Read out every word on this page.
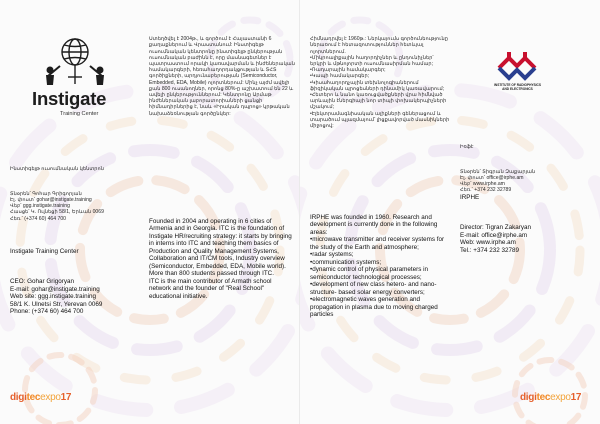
Instigate
Training Center

Ինստիգեյթ ուսումնական կենտրոն

Տնօրեն՝ Գոհար Գրիգորյան
Էլ. փոստ՝ gohar@instigate.training
Վեբ՝ ggg.instigate.training
Հասցե՝ Կ. Ուլնեցի 58/1, Երևան 0069
Հեռ.՝ (+374 60) 464 700

Ստեղծվել է 2004թ., և գործում է Հայաստանի 6 քաղաքներում և Վրաստանում: Ինստիգեյթ ուսումնական կենտրոնը ինստիգեյթ ընկերության ուսումնական բաժինն է, որը մասնագետներ է պատրաստում որակի կառավարման և ինժեներական համակարգերի, հեռահաղորդակցության և ՏՀՏ գործիքների, արդյունաբերության (Semiconductor, Embedded, EDA, Mobile) ոլորտներում: Մինչ այժմ ավելի քան 800 ուսանողներ, որոնց 80%-ը աշխատում են 22 և ավելի ընկերություններում: Կենտրոնը Արմաթ ինժեներական լաբորատորիաների ցանցի հիմնադիրներից է, նաև «Իրական դպրոց» կրթական նախաձեռնության գործընկեր:

Instigate Training Center

CEO: Gohar Grigoryan
E-mail: gohar@instigate.training
Web site: ggg.instigate.training
58/1 K. Ulnetsi Str, Yerevan 0069
Phone: (+374 60) 464 700

Founded in 2004 and operating in 6 cities of Armenia and in Georgia. ITC is the foundation of Instigate HR/recruiting strategy: it starts by bringing in interns into ITC and teaching them basics of Production and Quality Management Systems, Collaboration and IT/CM tools, Industry overview (Semiconductor, Embedded, EDA, Mobile world). More than 800 students passed through ITC.
ITC is the main contributor of Armath school network and the founder of "Real School" educational initiative.

digitecexpo17

Հիմնադրվել է 1960թ.: Ներկայումս գործունեությունը ներառում է հետազոտություններ հետևյալ ոլորտներում.
•Միկրոալիքային հաղորդիչներ և ընդունիչներ՝ երկրի և մթնոլորտի ուսումնասիրման համար;
•Ռադարային համակարգեր;
•Կապի համակարգեր;
•Կիսահաղորդչային տեխնոլոգիաներում ֆիզիկական պրոցեսների դինամիկ կառավարում;
•Հետերո և նանո կառուցվածքների վրա հիմնված արևային էներգիայի նոր տիպի փոխակերպիչների մշակում;
•Էլեկտրամագնիսական ալիքների գեներացում և տարածում պլազմայում՝ լիցքավորված մասնիկների միջոցով:

INSTITUTE OF RADIOPHYSICS
AND ELECTRONICS

Իռֆէ

Տնօրեն՝ Տիգրան Զաքարյան
Էլ. փոստ՝ office@irphe.am
Վեբ՝ www.irphe.am
Հեռ.՝ +374 232 32789

IRPHE was founded in 1960. Research and development is currently done in the following areas:
•microwave transmitter and receiver systems for the study of the Earth and atmosphere;
•radar systems;
•communication systems;
•dynamic control of physical parameters in semiconductor technological processes;
•development of new class hetero- and nano-structure- based solar energy converters;
•electromagnetic waves generation and propagation in plasma due to moving charged particles

IRPHE

Director: Tigran Zakaryan
E-mail: office@irphe.am
Web: www.irphe.am
Tel.: +374 232 32789

digitecexpo17
